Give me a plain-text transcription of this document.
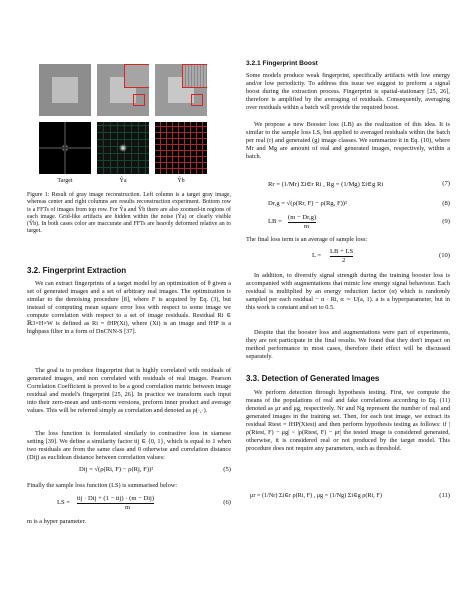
Target	Ŷa	Ŷb

Figure 1: Result of gray image reconstruction. Left column is a target gray image, whereas center and right columns are results reconstruction experiment. Bottom row is a FFTs of images from top row. For Ŷa and Ŷb there are also zoomed-in regions of each image. Grid-like artifacts are hidden within the noise (Ŷa) or clearly visible (Ŷb). In both cases color are inaccurate and FFTs are heavily deformed relative an to target.

3.2. Fingerprint Extraction

We can extract fingerprints of a target model by an optimization of θ given a set of generated images and a set of arbitrary real images. The optimization is similar to the denoising procedure [8], where F is acquired by Eq. (3), but instead of computing mean square error loss with respect to some image we compute correlation with respect to a set of image residuals. Residual Ri ∈ ℝ3×H×W is defined as Ri = fHP(Xi), where (Xi) is an image and fHP is a highpass filter in a form of DnCNN-S [37].

The goal is to produce fingerprint that is highly correlated with residuals of generated images, and non correlated with residuals of real images. Pearson Correlation Coefficient is proved to be a good correlation metric between image residual and model's fingerprint [25, 26]. In practice we transform each input into their zero-mean and unit-norm versions, preform inner product and average values. This will be referred simply as correlation and denoted as ρ(·,·).

The loss function is formulated similarly to contrastive loss in siamese setting [39]. We define a similarity factor tij ∈ {0, 1}, which is equal to 1 when two residuals are from the same class and 0 otherwise and correlation distance (Dij) as euclidean distance between correlation values:

Dij = √(ρ(Ri, F) − ρ(Rj, F))²	(5)

Finally the sample loss function (LS) is summarised below:

LS =
tij · Dij + (1 − tij) · (m − Dij)
m
(6)

m is a hyper parameter.

3.2.1 Fingerprint Boost

Some models produce weak fingerprint, specifically artifacts with low energy and/or low periodicity. To address this issue we suggest to preform a signal boost during the extraction process. Fingerprint is spatial-stationary [25, 26], therefore is amplified by the averaging of residuals. Consequently, averaging over residuals within a batch will provide the required boost.

We propose a new Booster loss (LB) as the realization of this idea. It is similar to the sample loss LS, but applied to averaged residuals within the batch per real (r) and generated (g) image classes. We summarize it in Eq. (10), where Mr and Mg are amount of real and generated images, respectively, within a batch.

Rr = (1/Mr) Σi∈r Ri , Rg = (1/Mg) Σi∈g Ri	(7)
Dr,g = √(ρ(Rr, F) − ρ(Rg, F))²	(8)
LB =
(m − Dr,g)
m
(9)

The final loss term is an average of sample loss:

L =
LB + LS
2
(10)

In addition, to diversify signal strength during the training booster loss is accompanied with augmentations that mimic low energy signal behaviour. Each residual is multiplied by an energy reduction factor (α) which is randomly sampled per each residual − α · Ri, α ∼ U(a, 1). a is a hyperparameter, but in this work is constant and set to 0.5.

Despite that the booster loss and augmentations were part of experiments, they are not participate in the final results. We found that they don't impact on method performance in most cases, therefore their effect will be discussed separately.

3.3. Detection of Generated Images

We perform detection through hypothesis testing. First, we compute the means of the populations of real and fake correlations according to Eq. (11) denoted as μr and μg, respectively. Nr and Ng represent the number of real and generated images in the training set. Then, for each test image, we extract its residual Rtest = fHP(Xtest) and then perform hypothesis testing as follows: if |ρ(Rtest, F) − μg| < |ρ(Rtest, F) − μr| the tested image is considered generated, otherwise, it is considered real or not produced by the target model. This procedure does not require any parameters, such as threshold.

μr = (1/Nr) Σi∈r ρ(Ri, F) , μg = (1/Ng) Σi∈g ρ(Ri, F)	(11)
